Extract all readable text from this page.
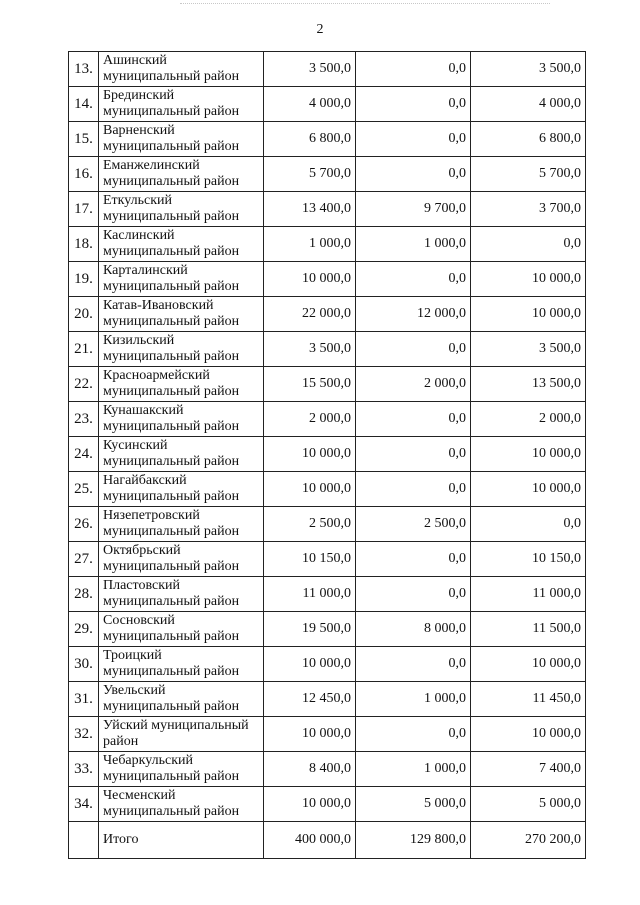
2
13.	Ашинский муниципальный район	3 500,0	0,0	3 500,0
14.	Брединский муниципальный район	4 000,0	0,0	4 000,0
15.	Варненский муниципальный район	6 800,0	0,0	6 800,0
16.	Еманжелинский муниципальный район	5 700,0	0,0	5 700,0
17.	Еткульский муниципальный район	13 400,0	9 700,0	3 700,0
18.	Каслинский муниципальный район	1 000,0	1 000,0	0,0
19.	Карталинский муниципальный район	10 000,0	0,0	10 000,0
20.	Катав-Ивановский муниципальный район	22 000,0	12 000,0	10 000,0
21.	Кизильский муниципальный район	3 500,0	0,0	3 500,0
22.	Красноармейский муниципальный район	15 500,0	2 000,0	13 500,0
23.	Кунашакский муниципальный район	2 000,0	0,0	2 000,0
24.	Кусинский муниципальный район	10 000,0	0,0	10 000,0
25.	Нагайбакский муниципальный район	10 000,0	0,0	10 000,0
26.	Нязепетровский муниципальный район	2 500,0	2 500,0	0,0
27.	Октябрьский муниципальный район	10 150,0	0,0	10 150,0
28.	Пластовский муниципальный район	11 000,0	0,0	11 000,0
29.	Сосновский муниципальный район	19 500,0	8 000,0	11 500,0
30.	Троицкий муниципальный район	10 000,0	0,0	10 000,0
31.	Увельский муниципальный район	12 450,0	1 000,0	11 450,0
32.	Уйский муниципальный район	10 000,0	0,0	10 000,0
33.	Чебаркульский муниципальный район	8 400,0	1 000,0	7 400,0
34.	Чесменский муниципальный район	10 000,0	5 000,0	5 000,0
	Итого	400 000,0	129 800,0	270 200,0
